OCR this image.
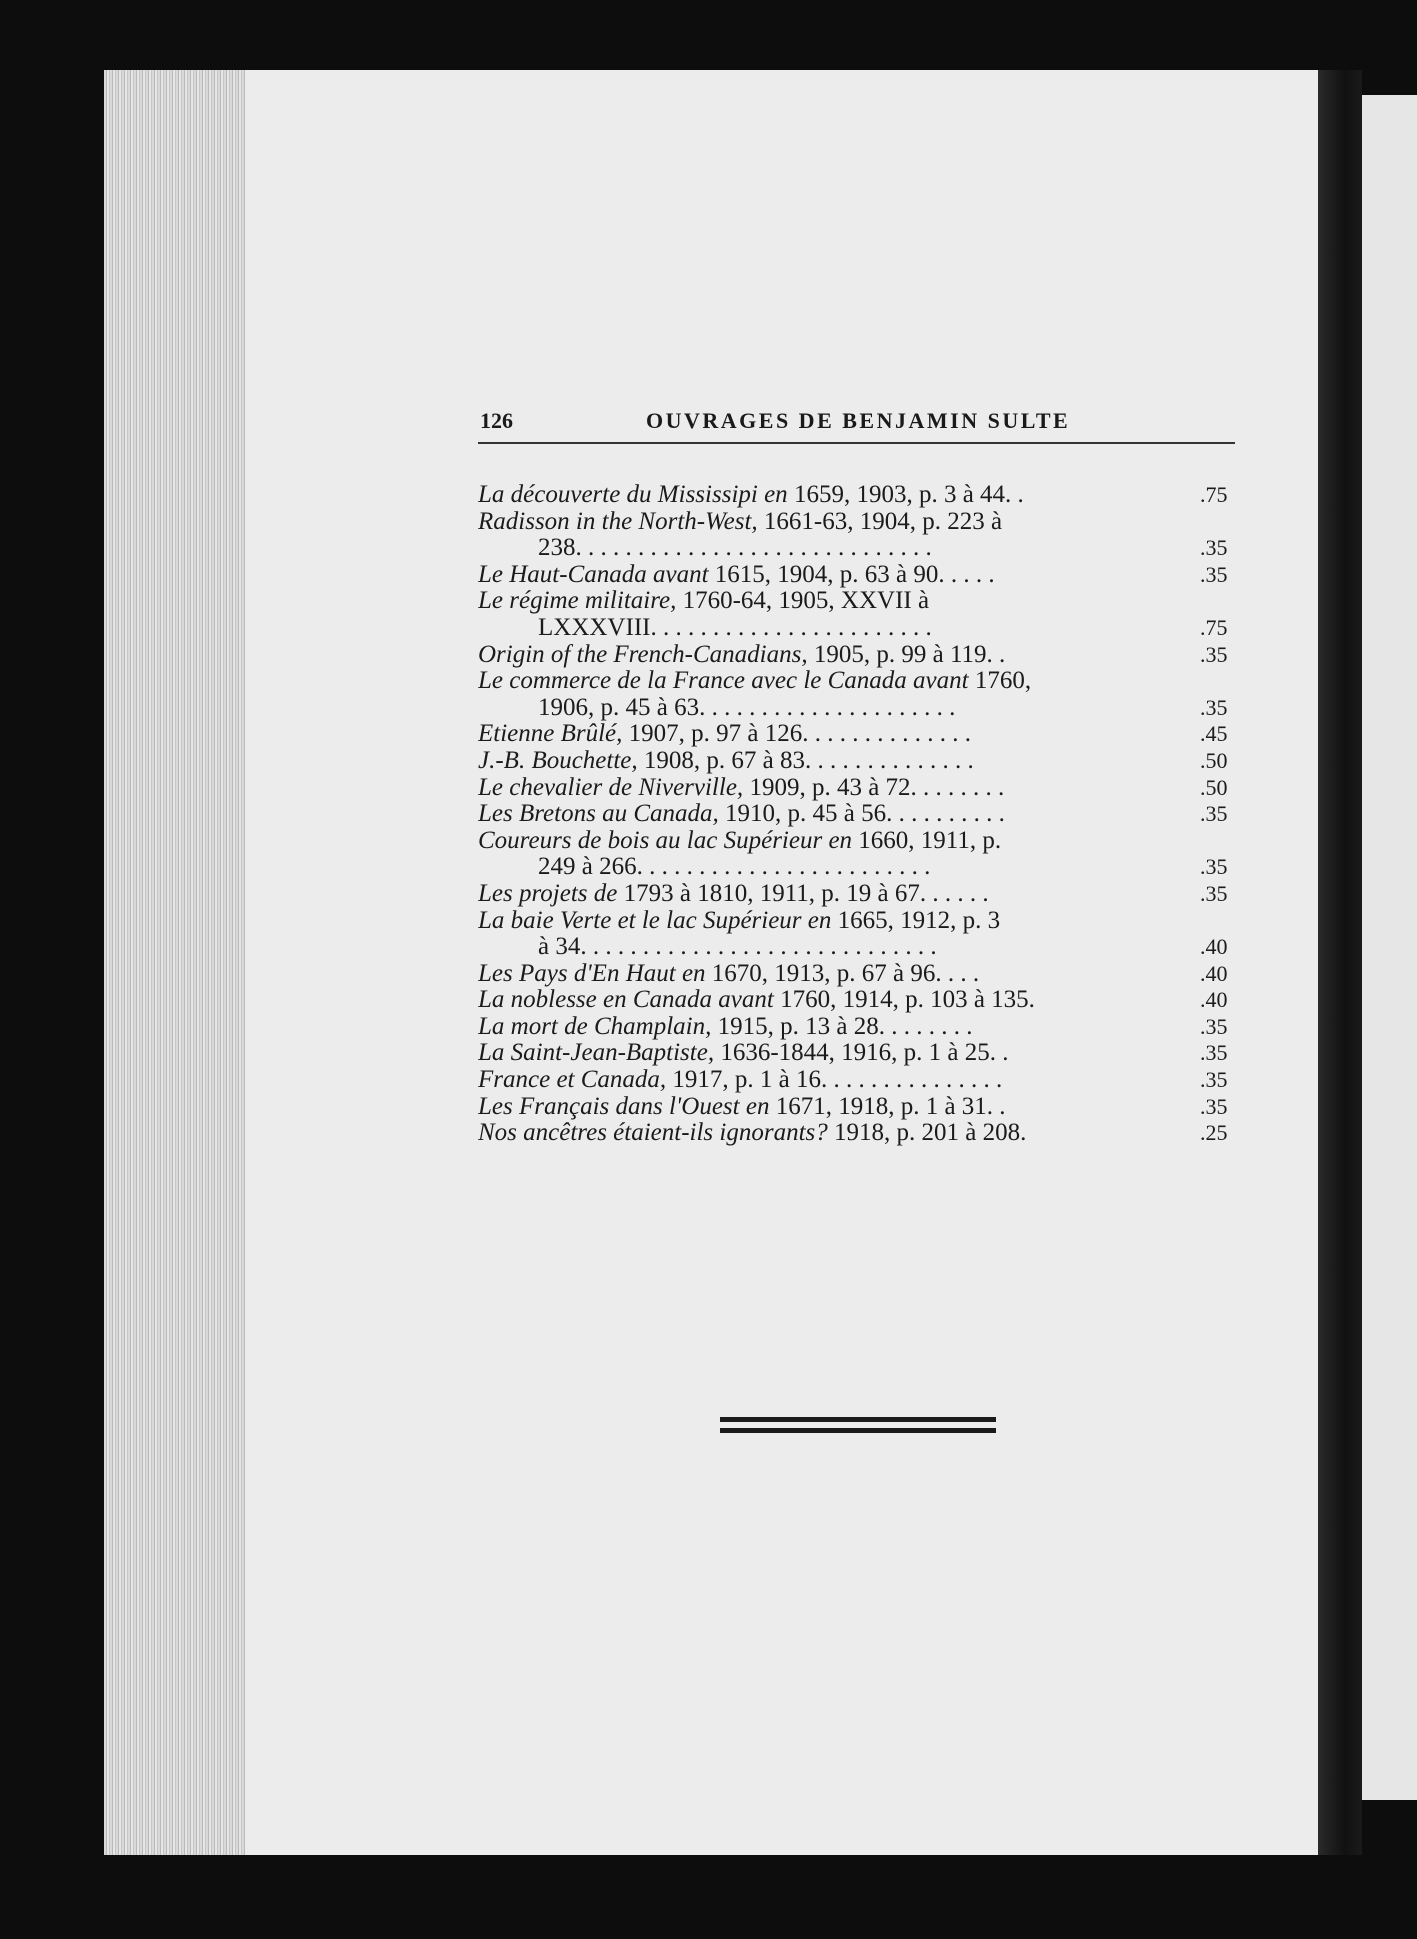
126	OUVRAGES DE BENJAMIN SULTE
La découverte du Mississipi en 1659, 1903, p. 3 à 44. .	.75
Radisson in the North-West, 1661-63, 1904, p. 223 à
238. . . . . . . . . . . . . . . . . . . . . . . . . . . . .	.35
Le Haut-Canada avant 1615, 1904, p. 63 à 90. . . . .	.35
Le régime militaire, 1760-64, 1905, XXVII à
LXXXVIII. . . . . . . . . . . . . . . . . . . . . . .	.75
Origin of the French-Canadians, 1905, p. 99 à 119. .	.35
Le commerce de la France avec le Canada avant 1760,
1906, p. 45 à 63. . . . . . . . . . . . . . . . . . . . .	.35
Etienne Brûlé, 1907, p. 97 à 126. . . . . . . . . . . . . .	.45
J.-B. Bouchette, 1908, p. 67 à 83. . . . . . . . . . . . . .	.50
Le chevalier de Niverville, 1909, p. 43 à 72. . . . . . . .	.50
Les Bretons au Canada, 1910, p. 45 à 56. . . . . . . . . .	.35
Coureurs de bois au lac Supérieur en 1660, 1911, p.
249 à 266. . . . . . . . . . . . . . . . . . . . . . . .	.35
Les projets de 1793 à 1810, 1911, p. 19 à 67. . . . . .	.35
La baie Verte et le lac Supérieur en 1665, 1912, p. 3
à 34. . . . . . . . . . . . . . . . . . . . . . . . . . . . .	.40
Les Pays d'En Haut en 1670, 1913, p. 67 à 96. . . .	.40
La noblesse en Canada avant 1760, 1914, p. 103 à 135.	.40
La mort de Champlain, 1915, p. 13 à 28. . . . . . . .	.35
La Saint-Jean-Baptiste, 1636-1844, 1916, p. 1 à 25. .	.35
France et Canada, 1917, p. 1 à 16. . . . . . . . . . . . . . .	.35
Les Français dans l'Ouest en 1671, 1918, p. 1 à 31. .	.35
Nos ancêtres étaient-ils ignorants? 1918, p. 201 à 208.	.25
